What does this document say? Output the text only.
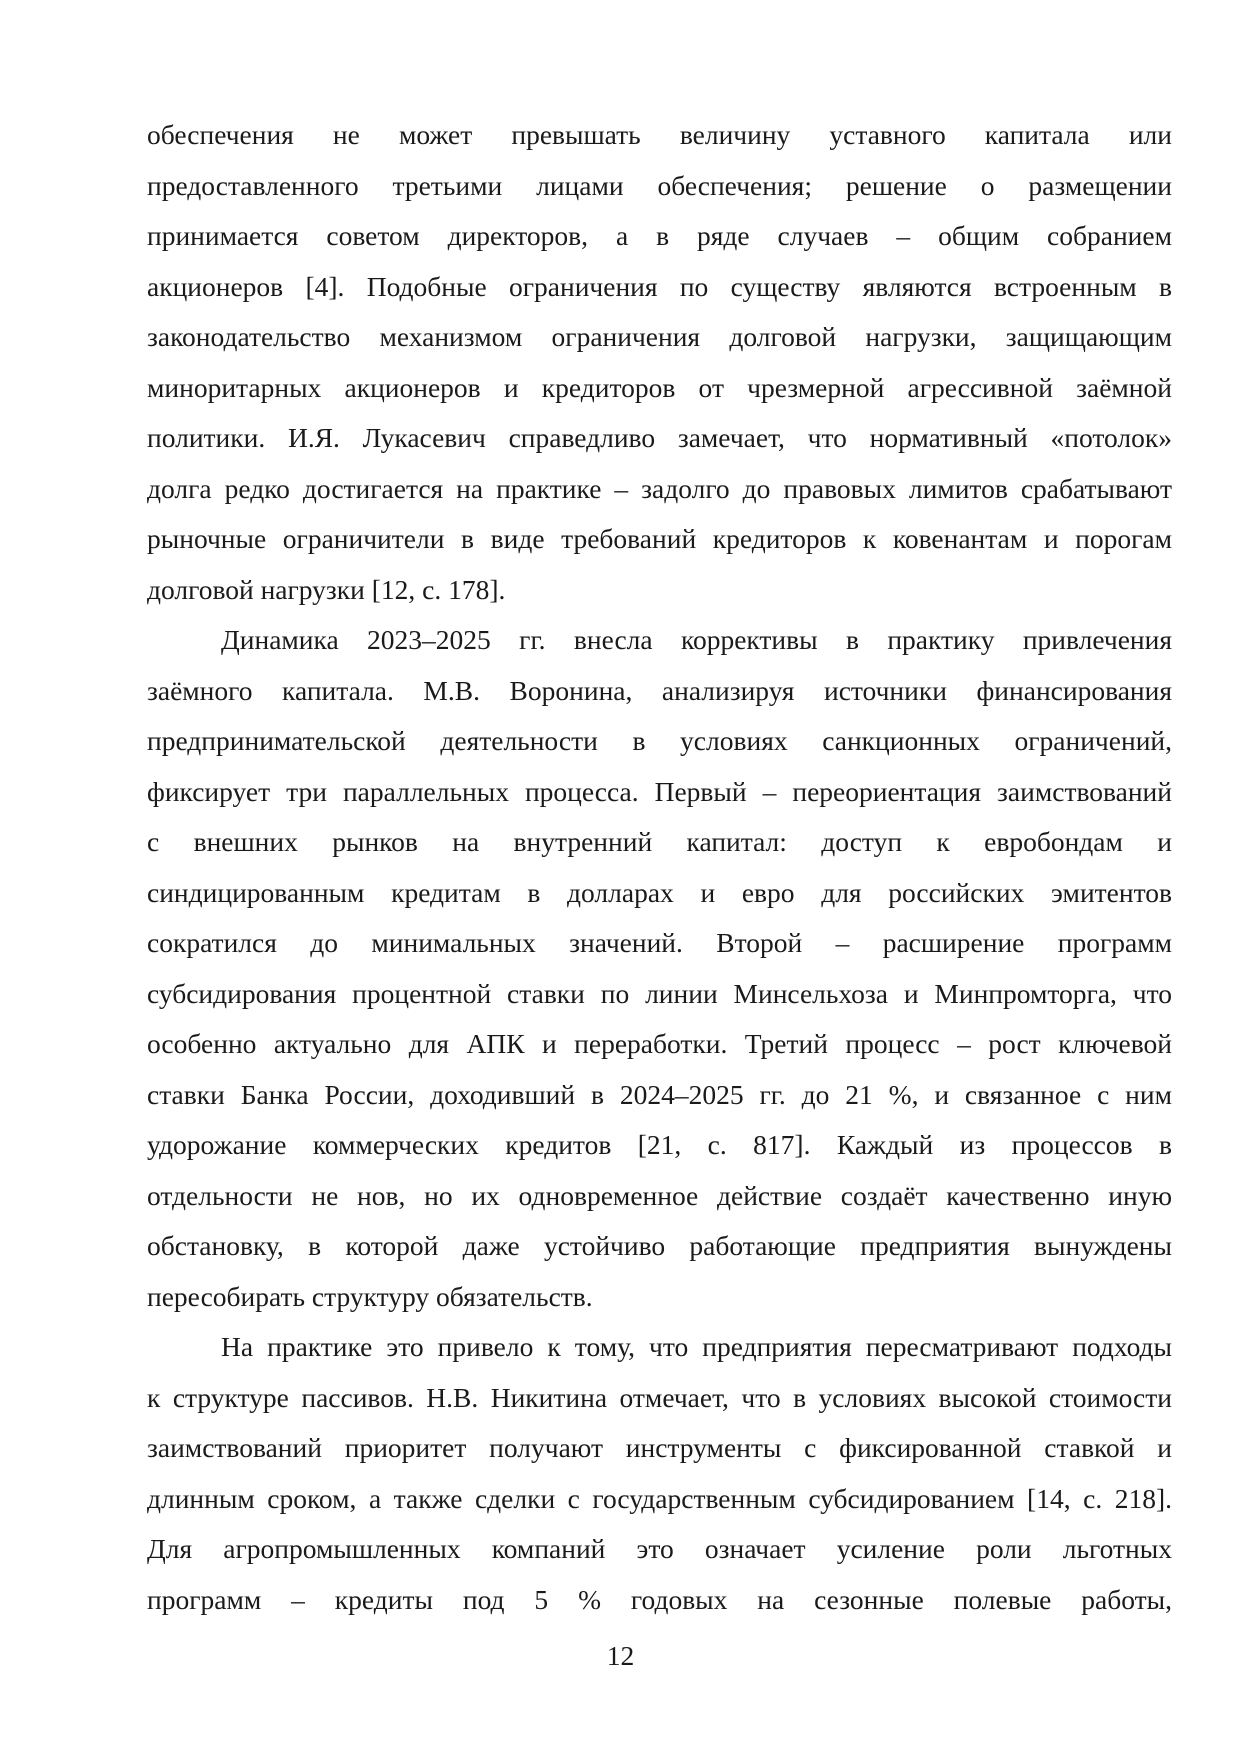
обеспечения не может превышать величину уставного капитала или
предоставленного третьими лицами обеспечения; решение о размещении
принимается советом директоров, а в ряде случаев – общим собранием
акционеров [4]. Подобные ограничения по существу являются встроенным в
законодательство механизмом ограничения долговой нагрузки, защищающим
миноритарных акционеров и кредиторов от чрезмерной агрессивной заёмной
политики. И.Я. Лукасевич справедливо замечает, что нормативный «потолок»
долга редко достигается на практике – задолго до правовых лимитов срабатывают
рыночные ограничители в виде требований кредиторов к ковенантам и порогам
долговой нагрузки [12, с. 178].
Динамика 2023–2025 гг. внесла коррективы в практику привлечения
заёмного капитала. М.В. Воронина, анализируя источники финансирования
предпринимательской деятельности в условиях санкционных ограничений,
фиксирует три параллельных процесса. Первый – переориентация заимствований
с внешних рынков на внутренний капитал: доступ к евробондам и
синдицированным кредитам в долларах и евро для российских эмитентов
сократился до минимальных значений. Второй – расширение программ
субсидирования процентной ставки по линии Минсельхоза и Минпромторга, что
особенно актуально для АПК и переработки. Третий процесс – рост ключевой
ставки Банка России, доходивший в 2024–2025 гг. до 21 %, и связанное с ним
удорожание коммерческих кредитов [21, с. 817]. Каждый из процессов в
отдельности не нов, но их одновременное действие создаёт качественно иную
обстановку, в которой даже устойчиво работающие предприятия вынуждены
пересобирать структуру обязательств.
На практике это привело к тому, что предприятия пересматривают подходы
к структуре пассивов. Н.В. Никитина отмечает, что в условиях высокой стоимости
заимствований приоритет получают инструменты с фиксированной ставкой и
длинным сроком, а также сделки с государственным субсидированием [14, с. 218].
Для агропромышленных компаний это означает усиление роли льготных
программ – кредиты под 5 % годовых на сезонные полевые работы,
12
